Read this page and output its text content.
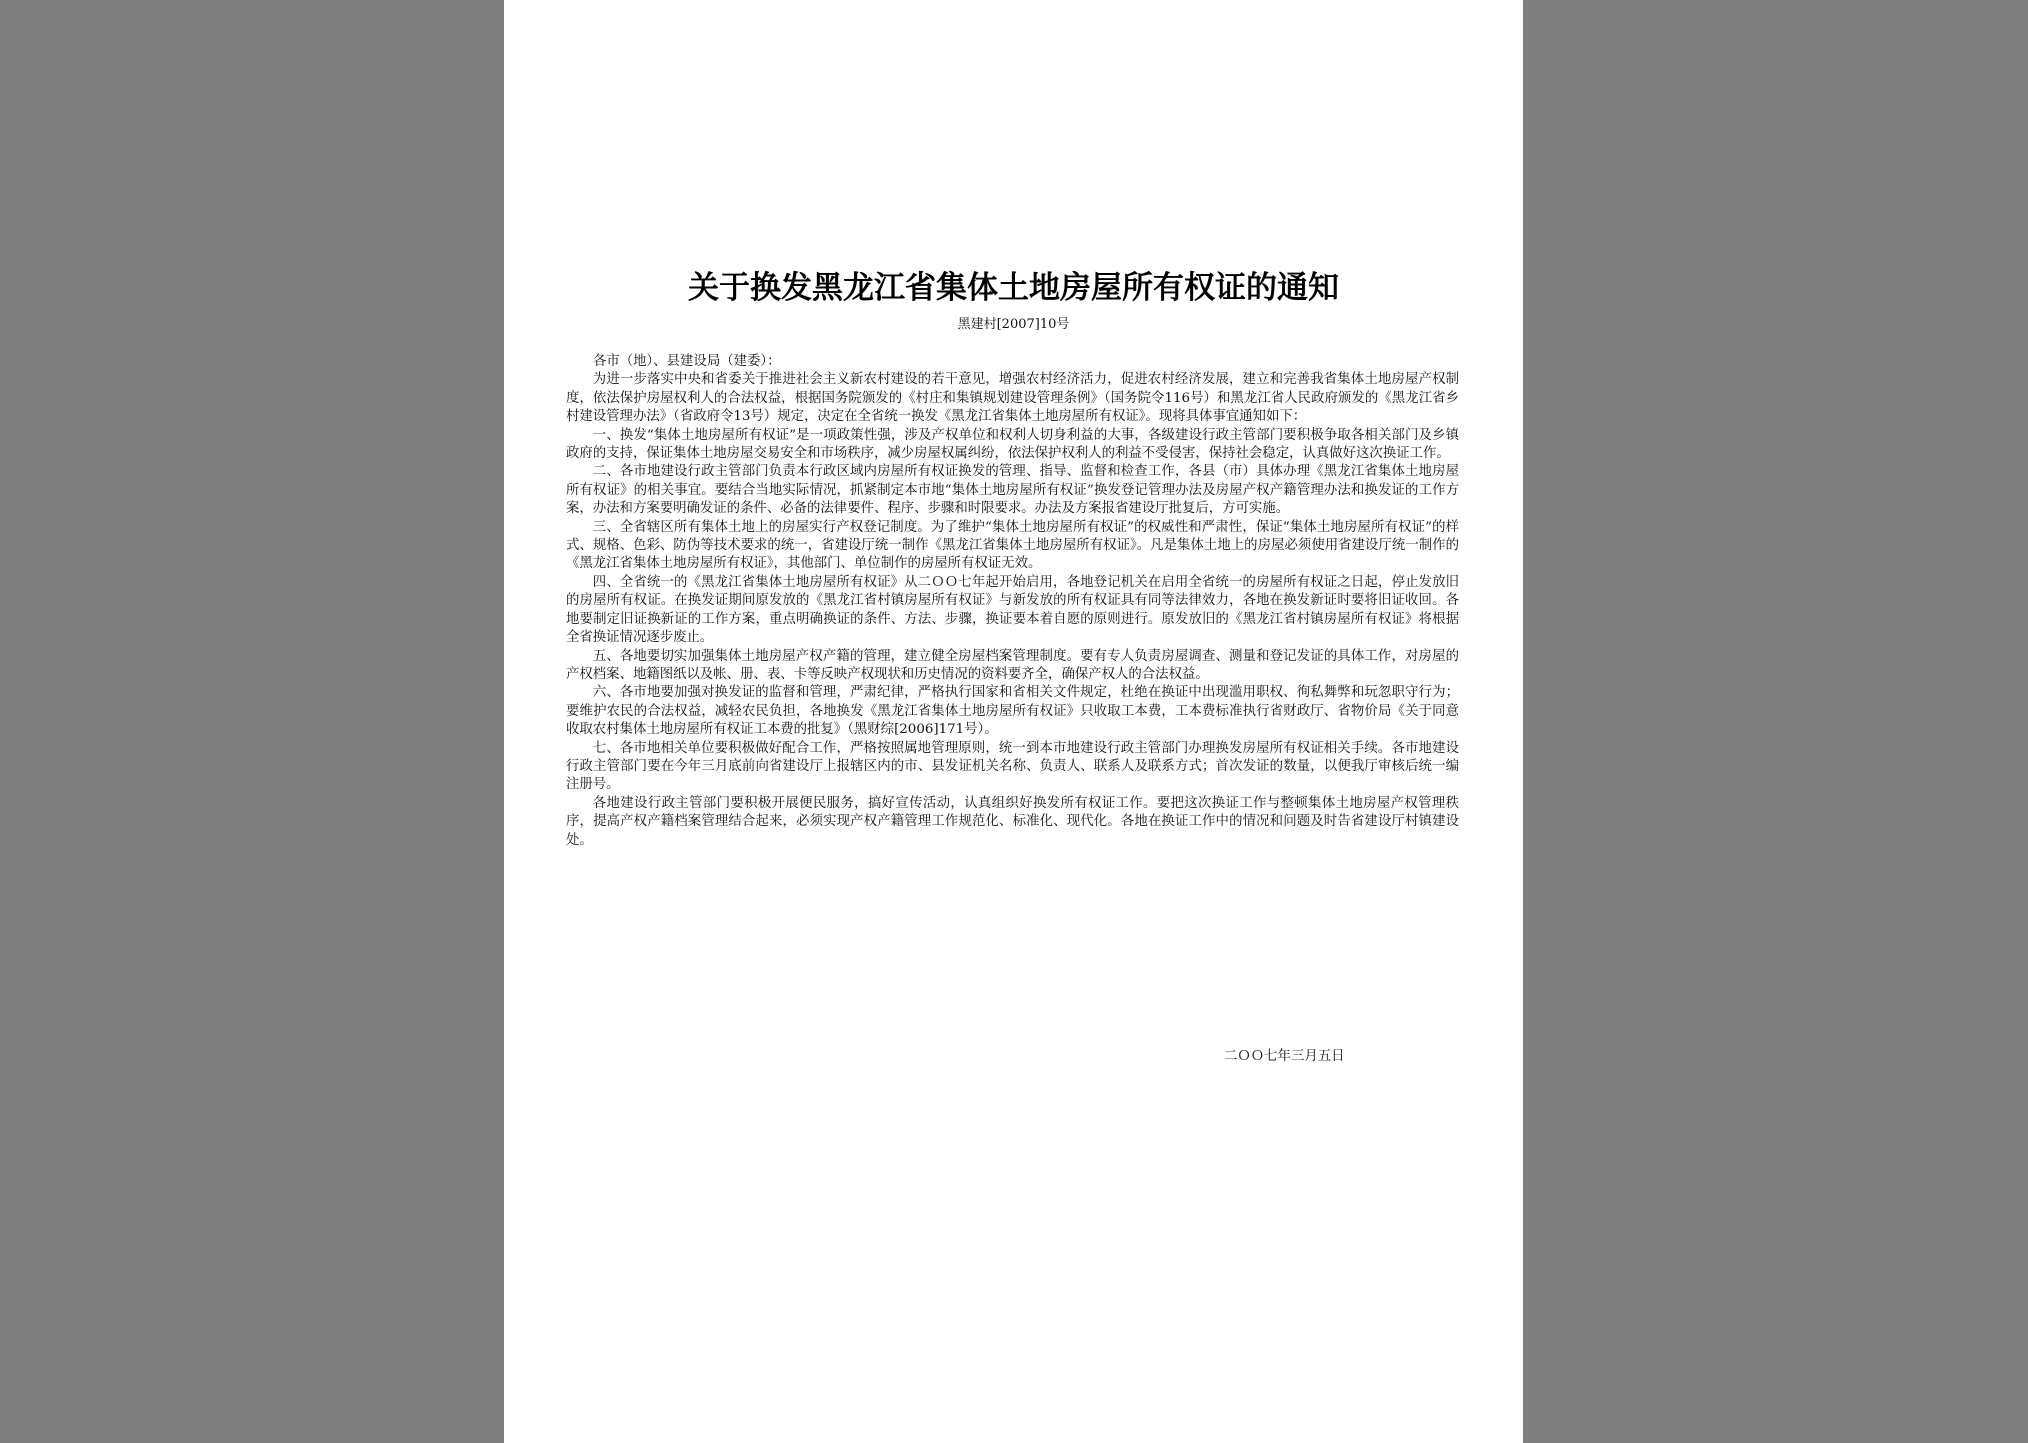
关于换发黑龙江省集体土地房屋所有权证的通知
黑建村[2007]10号

各市（地）、县建设局（建委）：

为进一步落实中央和省委关于推进社会主义新农村建设的若干意见，增强农村经济活力，促进农村经济发展，建立和完善我省集体土地房屋产权制度，依法保护房屋权利人的合法权益，根据国务院颁发的《村庄和集镇规划建设管理条例》（国务院令116号）和黑龙江省人民政府颁发的《黑龙江省乡村建设管理办法》（省政府令13号）规定，决定在全省统一换发《黑龙江省集体土地房屋所有权证》。现将具体事宜通知如下：

一、换发“集体土地房屋所有权证”是一项政策性强，涉及产权单位和权利人切身利益的大事，各级建设行政主管部门要积极争取各相关部门及乡镇政府的支持，保证集体土地房屋交易安全和市场秩序，减少房屋权属纠纷，依法保护权利人的利益不受侵害，保持社会稳定，认真做好这次换证工作。

二、各市地建设行政主管部门负责本行政区域内房屋所有权证换发的管理、指导、监督和检查工作，各县（市）具体办理《黑龙江省集体土地房屋所有权证》的相关事宜。要结合当地实际情况，抓紧制定本市地“集体土地房屋所有权证”换发登记管理办法及房屋产权产籍管理办法和换发证的工作方案，办法和方案要明确发证的条件、必备的法律要件、程序、步骤和时限要求。办法及方案报省建设厅批复后，方可实施。

三、全省辖区所有集体土地上的房屋实行产权登记制度。为了维护“集体土地房屋所有权证”的权威性和严肃性，保证“集体土地房屋所有权证”的样式、规格、色彩、防伪等技术要求的统一，省建设厅统一制作《黑龙江省集体土地房屋所有权证》。凡是集体土地上的房屋必须使用省建设厅统一制作的《黑龙江省集体土地房屋所有权证》，其他部门、单位制作的房屋所有权证无效。

四、全省统一的《黑龙江省集体土地房屋所有权证》从二ＯＯ七年起开始启用，各地登记机关在启用全省统一的房屋所有权证之日起，停止发放旧的房屋所有权证。在换发证期间原发放的《黑龙江省村镇房屋所有权证》与新发放的所有权证具有同等法律效力，各地在换发新证时要将旧证收回。各地要制定旧证换新证的工作方案，重点明确换证的条件、方法、步骤，换证要本着自愿的原则进行。原发放旧的《黑龙江省村镇房屋所有权证》将根据全省换证情况逐步废止。

五、各地要切实加强集体土地房屋产权产籍的管理，建立健全房屋档案管理制度。要有专人负责房屋调查、测量和登记发证的具体工作，对房屋的产权档案、地籍图纸以及帐、册、表、卡等反映产权现状和历史情况的资料要齐全，确保产权人的合法权益。

六、各市地要加强对换发证的监督和管理，严肃纪律，严格执行国家和省相关文件规定，杜绝在换证中出现滥用职权、徇私舞弊和玩忽职守行为；要维护农民的合法权益，减轻农民负担，各地换发《黑龙江省集体土地房屋所有权证》只收取工本费，工本费标准执行省财政厅、省物价局《关于同意收取农村集体土地房屋所有权证工本费的批复》（黑财综[2006]171号）。

七、各市地相关单位要积极做好配合工作，严格按照属地管理原则，统一到本市地建设行政主管部门办理换发房屋所有权证相关手续。各市地建设行政主管部门要在今年三月底前向省建设厅上报辖区内的市、县发证机关名称、负责人、联系人及联系方式；首次发证的数量，以便我厅审核后统一编注册号。

各地建设行政主管部门要积极开展便民服务，搞好宣传活动，认真组织好换发所有权证工作。要把这次换证工作与整顿集体土地房屋产权管理秩序，提高产权产籍档案管理结合起来，必须实现产权产籍管理工作规范化、标准化、现代化。各地在换证工作中的情况和问题及时告省建设厅村镇建设处。

二ＯＯ七年三月五日
